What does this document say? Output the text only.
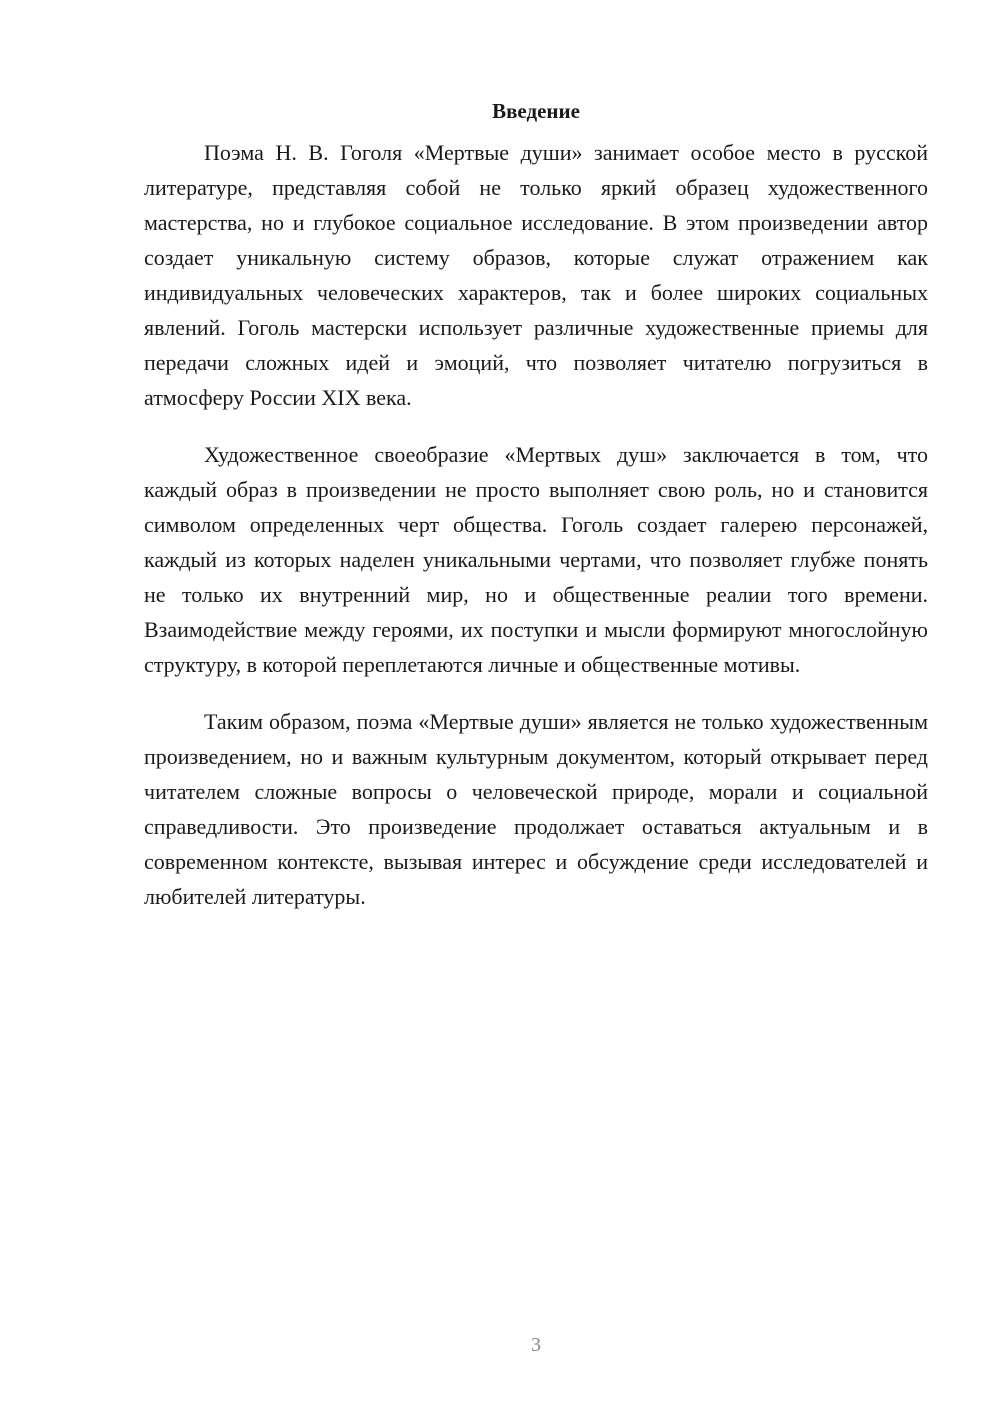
Введение

Поэма Н. В. Гоголя «Мертвые души» занимает особое место в русской литературе, представляя собой не только яркий образец художественного мастерства, но и глубокое социальное исследование. В этом произведении автор создает уникальную систему образов, которые служат отражением как индивидуальных человеческих характеров, так и более широких социальных явлений. Гоголь мастерски использует различные художественные приемы для передачи сложных идей и эмоций, что позволяет читателю погрузиться в атмосферу России XIX века.

Художественное своеобразие «Мертвых душ» заключается в том, что каждый образ в произведении не просто выполняет свою роль, но и становится символом определенных черт общества. Гоголь создает галерею персонажей, каждый из которых наделен уникальными чертами, что позволяет глубже понять не только их внутренний мир, но и общественные реалии того времени. Взаимодействие между героями, их поступки и мысли формируют многослойную структуру, в которой переплетаются личные и общественные мотивы.

Таким образом, поэма «Мертвые души» является не только художественным произведением, но и важным культурным документом, который открывает перед читателем сложные вопросы о человеческой природе, морали и социальной справедливости. Это произведение продолжает оставаться актуальным и в современном контексте, вызывая интерес и обсуждение среди исследователей и любителей литературы.

3
